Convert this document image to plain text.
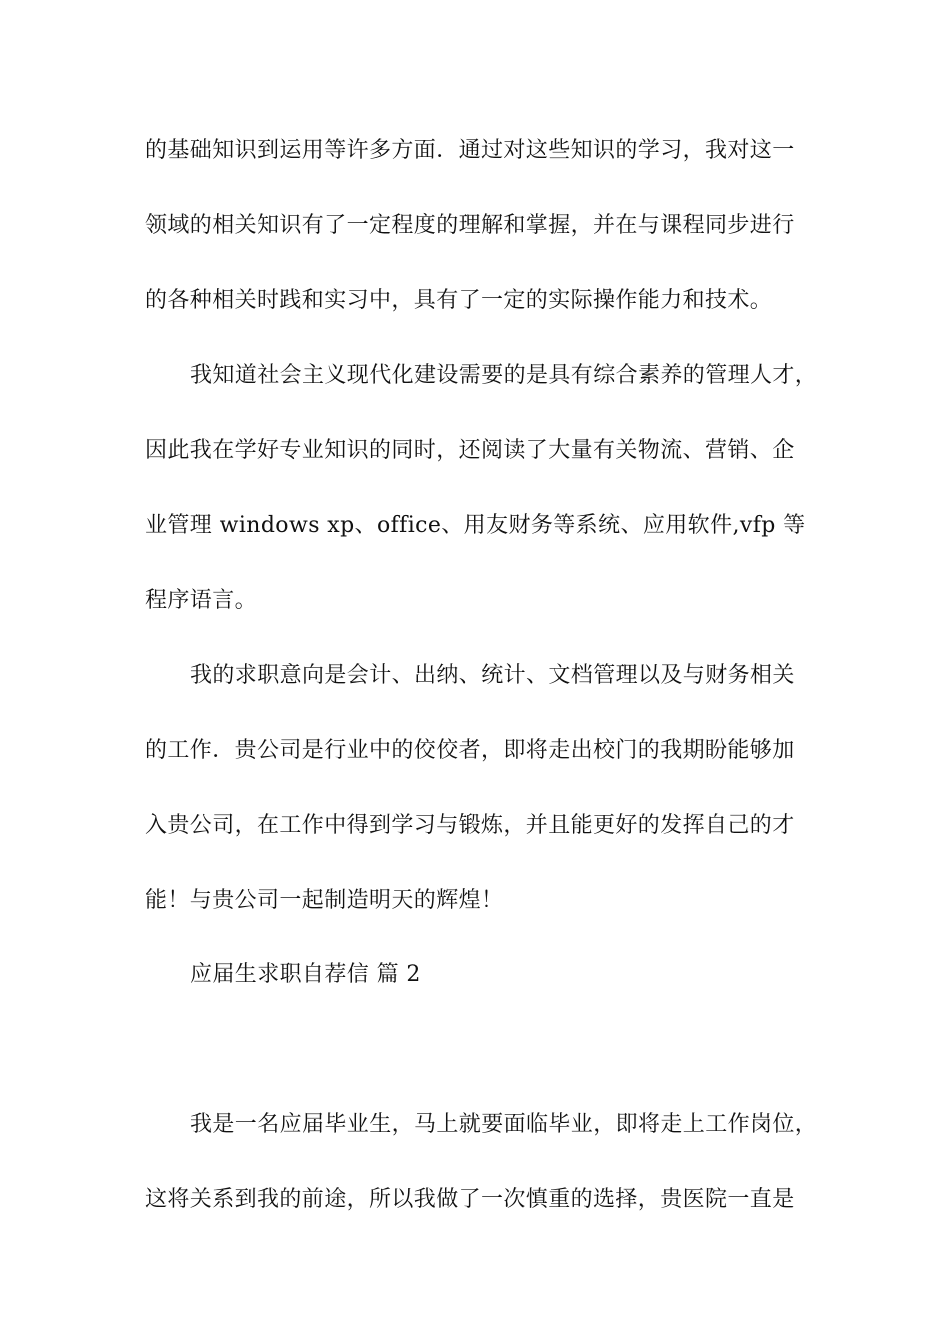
的基础知识到运用等许多方面．通过对这些知识的学习，我对这一
领域的相关知识有了一定程度的理解和掌握，并在与课程同步进行
的各种相关时践和实习中，具有了一定的实际操作能力和技术。
我知道社会主义现代化建设需要的是具有综合素养的管理人才，
因此我在学好专业知识的同时，还阅读了大量有关物流、营销、企
业管理 windows xp、office、用友财务等系统、应用软件,vfp 等
程序语言。
我的求职意向是会计、出纳、统计、文档管理以及与财务相关
的工作．贵公司是行业中的佼佼者，即将走出校门的我期盼能够加
入贵公司，在工作中得到学习与锻炼，并且能更好的发挥自己的才
能！与贵公司一起制造明天的辉煌！
应届生求职自荐信 篇 2
我是一名应届毕业生，马上就要面临毕业，即将走上工作岗位，
这将关系到我的前途，所以我做了一次慎重的选择，贵医院一直是
